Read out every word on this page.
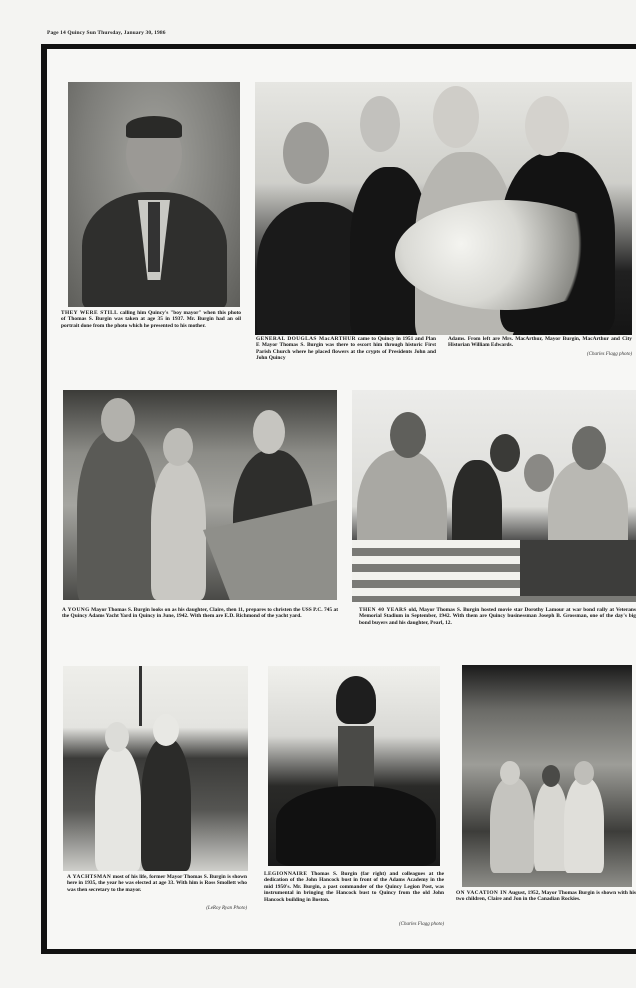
Page 14 Quincy Sun Thursday, January 30, 1986
THEY WERE STILL calling him Quincy's "boy mayor" when this photo of Thomas S. Burgin was taken at age 35 in 1937. Mr. Burgin had an oil portrait done from the photo which he presented to his mother.
GENERAL DOUGLAS MacARTHUR came to Quincy in 1951 and Plan E Mayor Thomas S. Burgin was there to escort him through historic First Parish Church where he placed flowers at the crypts of Presidents John and John Quincy
Adams. From left are Mrs. MacArthur, Mayor Burgin, MacArthur and City Historian William Edwards.
(Charles Flagg photo)
A YOUNG Mayor Thomas S. Burgin looks on as his daughter, Claire, then 11, prepares to christen the USS P.C. 745 at the Quincy Adams Yacht Yard in Quincy in June, 1942. With them are E.D. Richmond of the yacht yard.
THEN 40 YEARS old, Mayor Thomas S. Burgin hosted movie star Dorothy Lamour at war bond rally at Veterans Memorial Stadium in September, 1942. With them are Quincy businessman Joseph B. Grossman, one of the day's big bond buyers and his daughter, Pearl, 12.
A YACHTSMAN most of his life, former Mayor Thomas S. Burgin is shown here in 1935, the year he was elected at age 33. With him is Ross Smollett who was then secretary to the mayor.
(LeRoy Ryan Photo)
LEGIONNAIRE Thomas S. Burgin (far right) and colleagues at the dedication of the John Hancock bust in front of the Adams Academy in the mid 1950's. Mr. Burgin, a past commander of the Quincy Legion Post, was instrumental in bringing the Hancock bust to Quincy from the old John Hancock building in Boston.
(Charles Flagg photo)
ON VACATION IN August, 1952, Mayor Thomas Burgin is shown with his two children, Claire and Jon in the Canadian Rockies.
